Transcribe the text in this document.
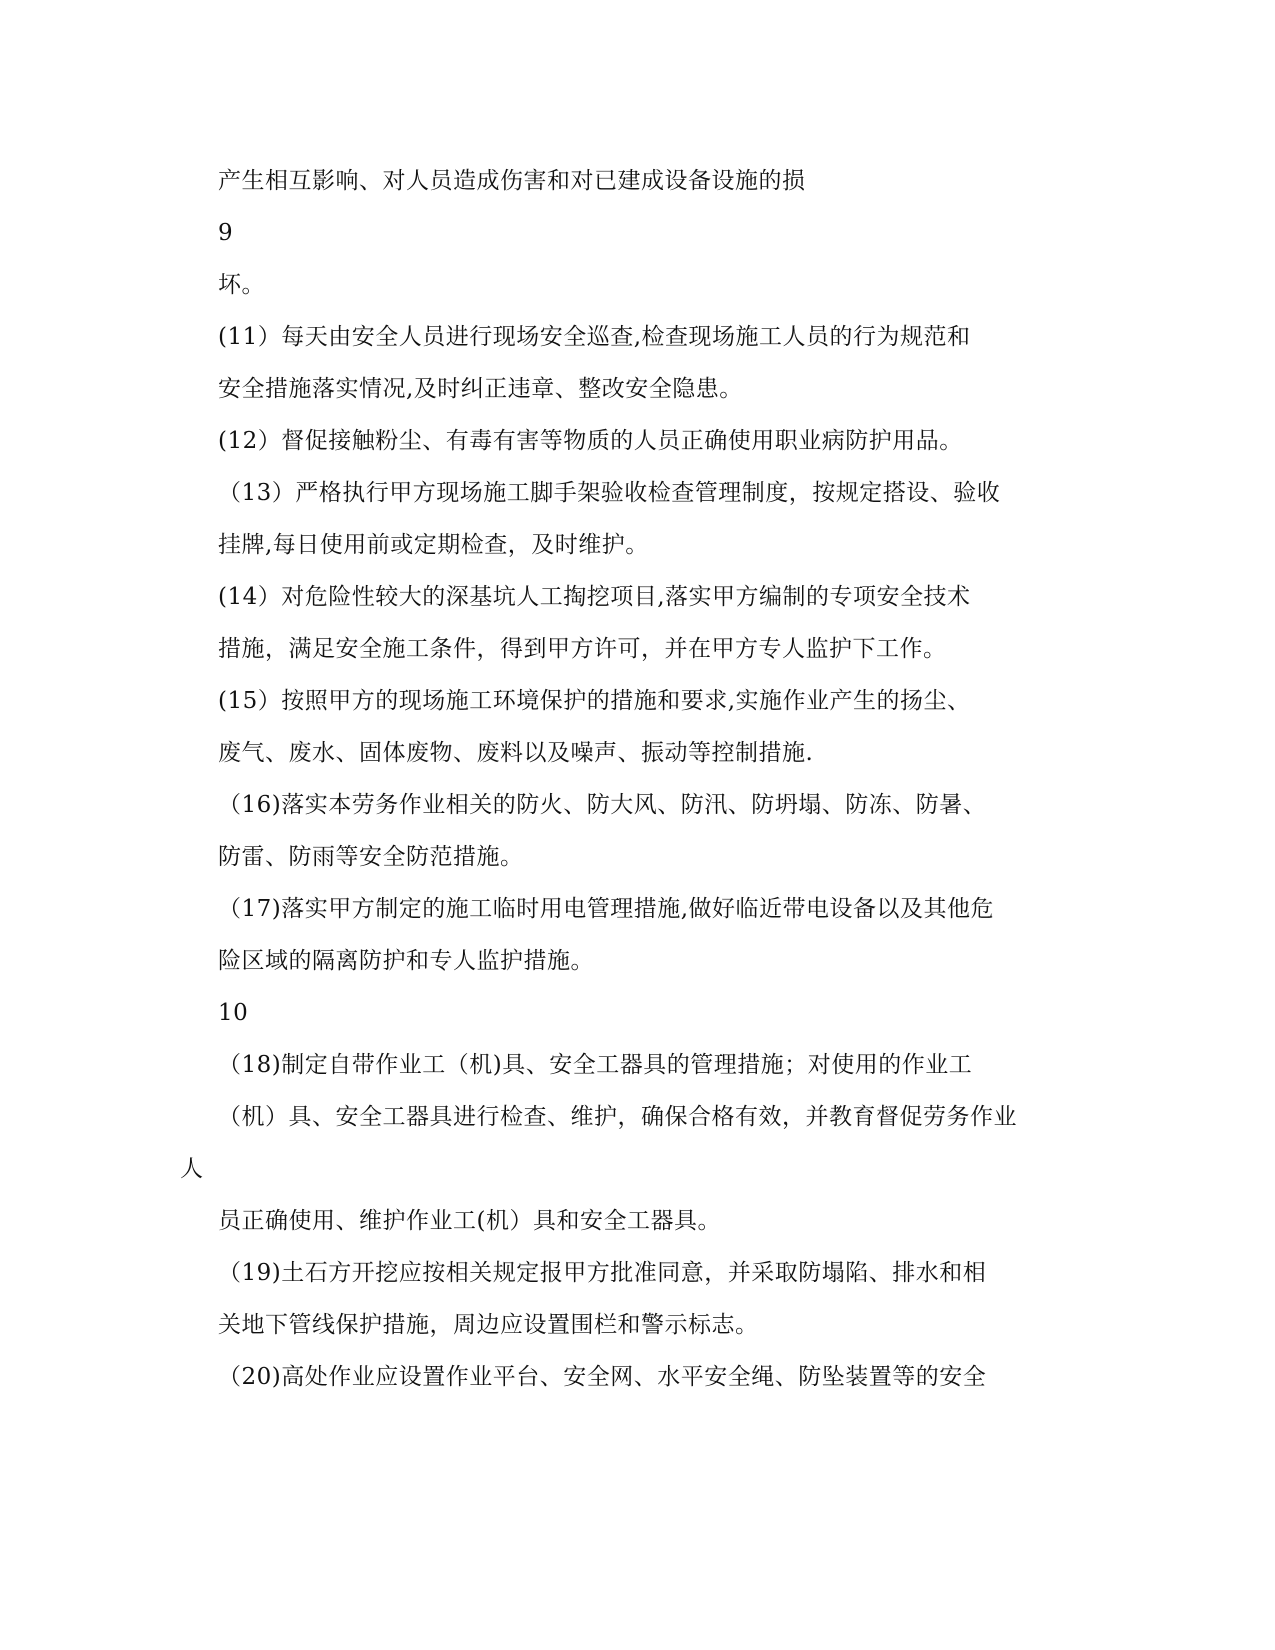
产生相互影响、对人员造成伤害和对已建成设备设施的损
9
坏。
(11）每天由安全人员进行现场安全巡查,检查现场施工人员的行为规范和
安全措施落实情况,及时纠正违章、整改安全隐患。
(12）督促接触粉尘、有毒有害等物质的人员正确使用职业病防护用品。
（13）严格执行甲方现场施工脚手架验收检查管理制度，按规定搭设、验收
挂牌,每日使用前或定期检查，及时维护。
(14）对危险性较大的深基坑人工掏挖项目,落实甲方编制的专项安全技术
措施，满足安全施工条件，得到甲方许可，并在甲方专人监护下工作。
(15）按照甲方的现场施工环境保护的措施和要求,实施作业产生的扬尘、
废气、废水、固体废物、废料以及噪声、振动等控制措施.
（16)落实本劳务作业相关的防火、防大风、防汛、防坍塌、防冻、防暑、
防雷、防雨等安全防范措施。
（17)落实甲方制定的施工临时用电管理措施,做好临近带电设备以及其他危
险区域的隔离防护和专人监护措施。
10
（18)制定自带作业工（机)具、安全工器具的管理措施；对使用的作业工
（机）具、安全工器具进行检查、维护，确保合格有效，并教育督促劳务作业
人
员正确使用、维护作业工(机）具和安全工器具。
（19)土石方开挖应按相关规定报甲方批准同意，并采取防塌陷、排水和相
关地下管线保护措施，周边应设置围栏和警示标志。
（20)高处作业应设置作业平台、安全网、水平安全绳、防坠装置等的安全
